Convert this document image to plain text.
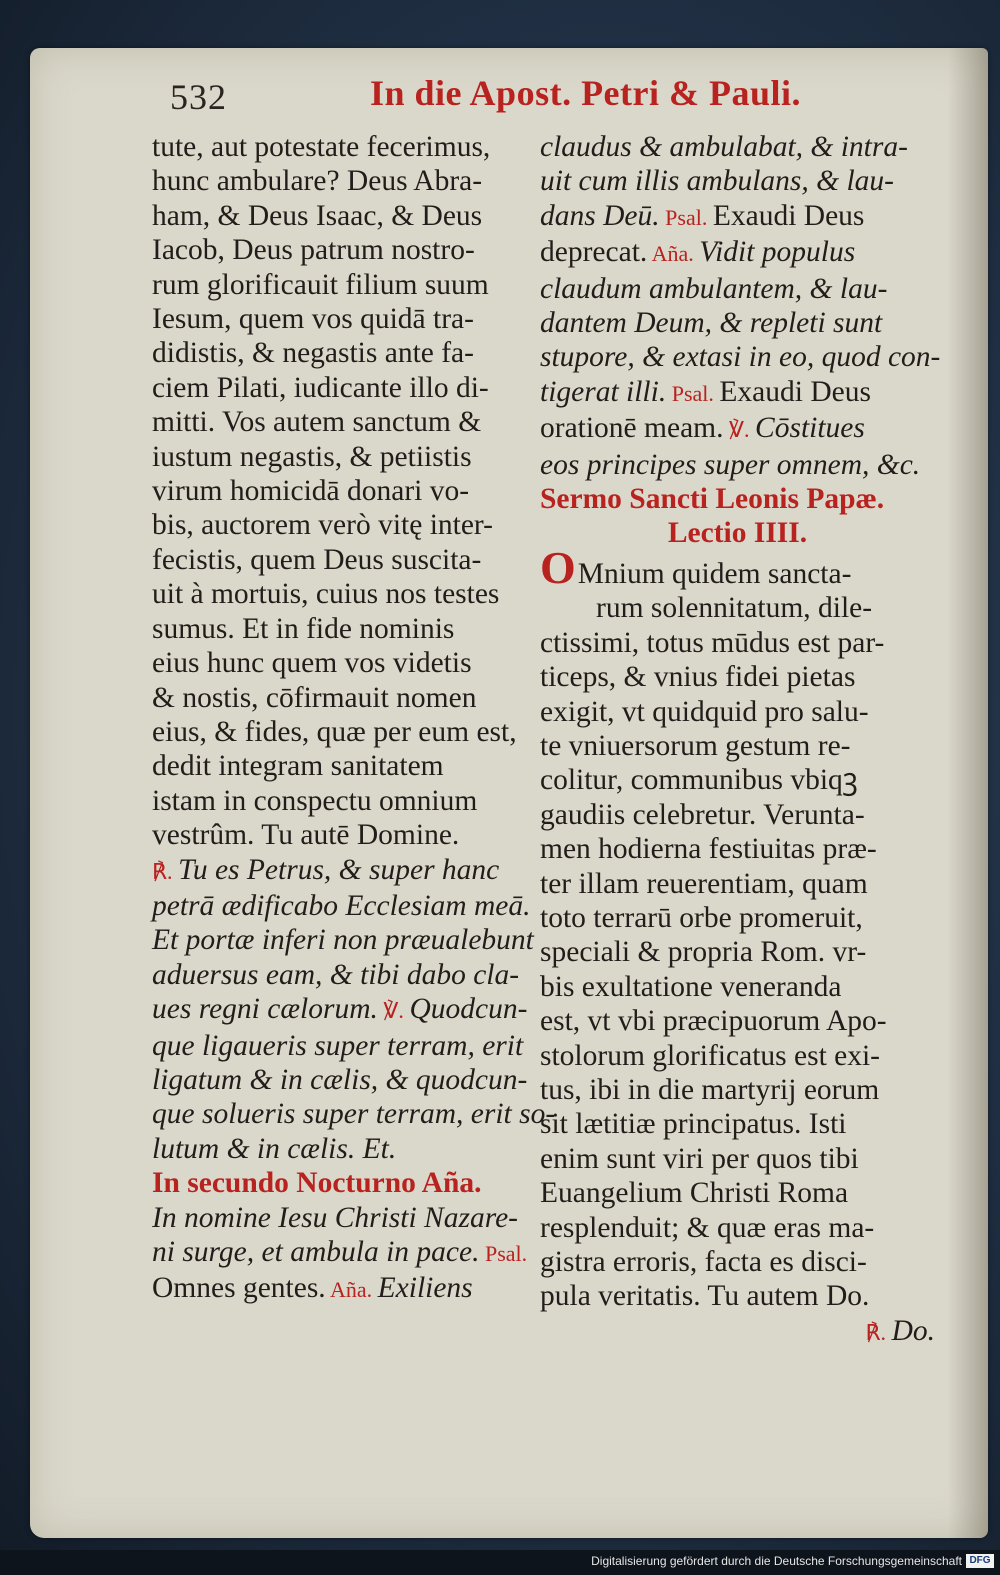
532	In die Apost. Petri & Pauli.
tute, aut potestate fecerimus,
hunc ambulare? Deus Abra-
ham, & Deus Isaac, & Deus
Iacob, Deus patrum nostro-
rum glorificauit filium suum
Iesum, quem vos quidā tra-
didistis, & negastis ante fa-
ciem Pilati, iudicante illo di-
mitti. Vos autem sanctum &
iustum negastis, & petiistis
virum homicidā donari vo-
bis, auctorem verò vitę inter-
fecistis, quem Deus suscita-
uit à mortuis, cuius nos testes
sumus. Et in fide nominis
eius hunc quem vos videtis
& nostis, cōfirmauit nomen
eius, & fides, quæ per eum est,
dedit integram sanitatem
istam in conspectu omnium
vestrûm. Tu autē Domine.
℟. Tu es Petrus, & super hanc
petrā ædificabo Ecclesiam meā.
Et portæ inferi non præualebunt
aduersus eam, & tibi dabo cla-
ues regni cælorum. ℣. Quodcun-
que ligaueris super terram, erit
ligatum & in cælis, & quodcun-
que solueris super terram, erit so-
lutum & in cælis. Et.
In secundo Nocturno Aña.
In nomine Iesu Christi Nazare-
ni surge, et ambula in pace. Psal.
Omnes gentes. Aña. Exiliens
claudus & ambulabat, & intra-
uit cum illis ambulans, & lau-
dans Deū. Psal. Exaudi Deus
deprecat. Aña. Vidit populus
claudum ambulantem, & lau-
dantem Deum, & repleti sunt
stupore, & extasi in eo, quod con-
tigerat illi. Psal. Exaudi Deus
orationē meam. ℣. Cōstitues
eos principes super omnem, &c.
Sermo Sancti Leonis Papæ.
Lectio IIII.
OMnium quidem sancta-
rum solennitatum, dile-
ctissimi, totus mūdus est par-
ticeps, & vnius fidei pietas
exigit, vt quidquid pro salu-
te vniuersorum gestum re-
colitur, communibus vbiqꝫ
gaudiis celebretur. Verunta-
men hodierna festiuitas præ-
ter illam reuerentiam, quam
toto terrarū orbe promeruit,
speciali & propria Rom. vr-
bis exultatione veneranda
est, vt vbi præcipuorum Apo-
stolorum glorificatus est exi-
tus, ibi in die martyrij eorum
sit lætitiæ principatus. Isti
enim sunt viri per quos tibi
Euangelium Christi Roma
resplenduit; & quæ eras ma-
gistra erroris, facta es disci-
pula veritatis. Tu autem Do.
℟. Do.
Digitalisierung gefördert durch die Deutsche Forschungsgemeinschaft DFG
